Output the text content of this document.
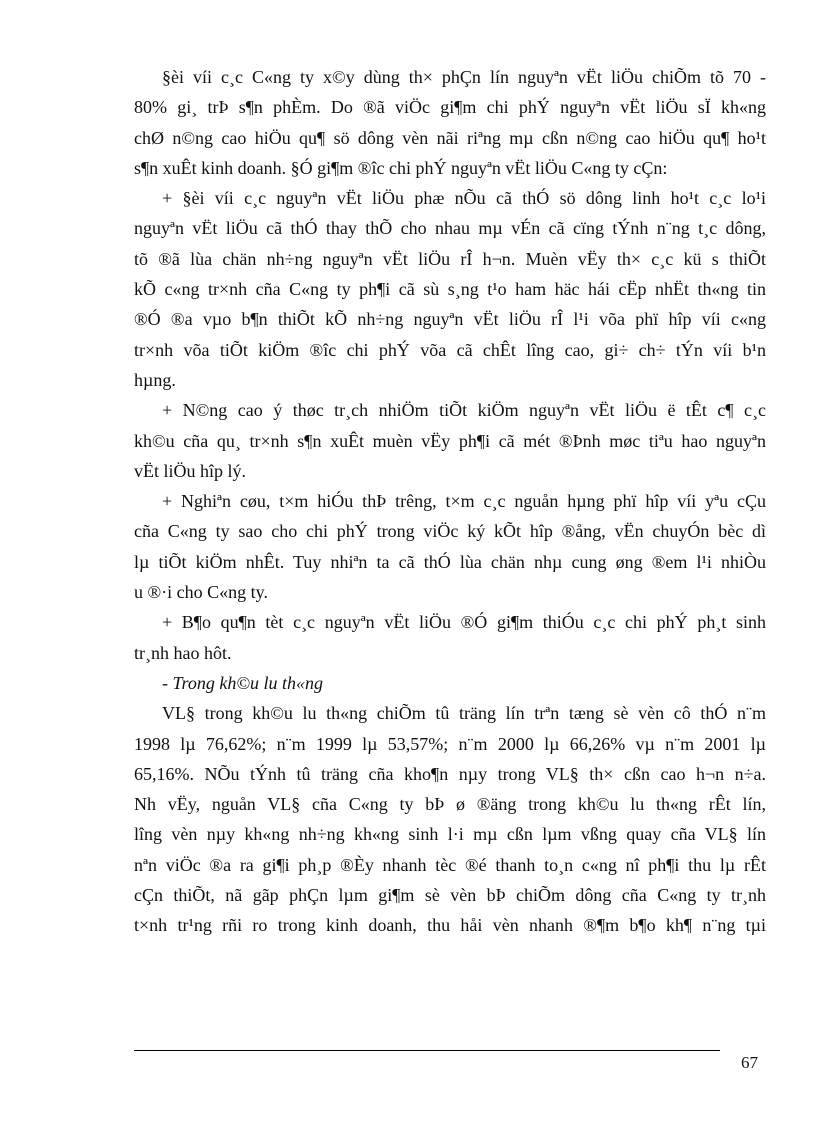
§èi víi c¸c C«ng ty x©y dùng th× phÇn lín nguyªn vËt liÖu chiÕm tõ 70 -
80% gi¸ trÞ s¶n phÈm. Do ®ã viÖc gi¶m chi phÝ nguyªn vËt liÖu sÏ kh«ng
chØ n©ng cao hiÖu qu¶ sö dông vèn nãi riªng mµ cßn n©ng cao hiÖu qu¶ ho¹t
s¶n xuÊt kinh doanh. §Ó gi¶m ®îc chi phÝ nguyªn vËt liÖu C«ng ty cÇn:
+ §èi víi c¸c nguyªn vËt liÖu phæ nÕu cã thÓ sö dông linh ho¹t c¸c lo¹i
nguyªn vËt liÖu cã thÓ thay thÕ cho nhau mµ vÉn cã cïng tÝnh n¨ng t¸c dông,
tõ ®ã lùa chän nh÷ng nguyªn vËt liÖu rÎ h¬n. Muèn vËy th× c¸c kü s thiÕt
kÕ c«ng tr×nh cña C«ng ty ph¶i cã sù s¸ng t¹o ham häc hái cËp nhËt th«ng tin
®Ó ®a vµo b¶n thiÕt kÕ nh÷ng nguyªn vËt liÖu rÎ l¹i võa phï hîp víi c«ng
tr×nh võa tiÕt kiÖm ®îc chi phÝ võa cã chÊt lîng cao, gi÷ ch÷ tÝn víi b¹n
hµng.
+ N©ng cao ý thøc tr¸ch nhiÖm tiÕt kiÖm nguyªn vËt liÖu ë tÊt c¶ c¸c
kh©u cña qu¸ tr×nh s¶n xuÊt muèn vËy ph¶i cã mét ®Þnh møc tiªu hao nguyªn
vËt liÖu hîp lý.
+ Nghiªn cøu, t×m hiÓu thÞ trêng, t×m c¸c nguån hµng phï hîp víi yªu cÇu
cña C«ng ty sao cho chi phÝ trong viÖc ký kÕt hîp ®ång, vËn chuyÓn bèc dì
lµ tiÕt kiÖm nhÊt. Tuy nhiªn ta cã thÓ lùa chän nhµ cung øng ®em l¹i nhiÒu
u ®·i cho C«ng ty.
+ B¶o qu¶n tèt c¸c nguyªn vËt liÖu ®Ó gi¶m thiÓu c¸c chi phÝ ph¸t sinh
tr¸nh hao hôt.
- Trong kh©u lu th«ng
VL§ trong kh©u lu th«ng chiÕm tû träng lín trªn tæng sè vèn cô thÓ n¨m
1998 lµ 76,62%; n¨m 1999 lµ 53,57%; n¨m 2000 lµ 66,26% vµ n¨m 2001 lµ
65,16%. NÕu tÝnh tû träng cña kho¶n nµy trong VL§ th× cßn cao h¬n n÷a.
Nh vËy, nguån VL§ cña C«ng ty bÞ ø ®äng trong kh©u lu th«ng rÊt lín,
lîng vèn nµy kh«ng nh÷ng kh«ng sinh l·i mµ cßn lµm vßng quay cña VL§ lín
nªn viÖc ®a ra gi¶i ph¸p ®Èy nhanh tèc ®é thanh to¸n c«ng nî ph¶i thu lµ rÊt
cÇn thiÕt, nã gãp phÇn lµm gi¶m sè vèn bÞ chiÕm dông cña C«ng ty tr¸nh
t×nh tr¹ng rñi ro trong kinh doanh, thu håi vèn nhanh ®¶m b¶o kh¶ n¨ng tµi
67
